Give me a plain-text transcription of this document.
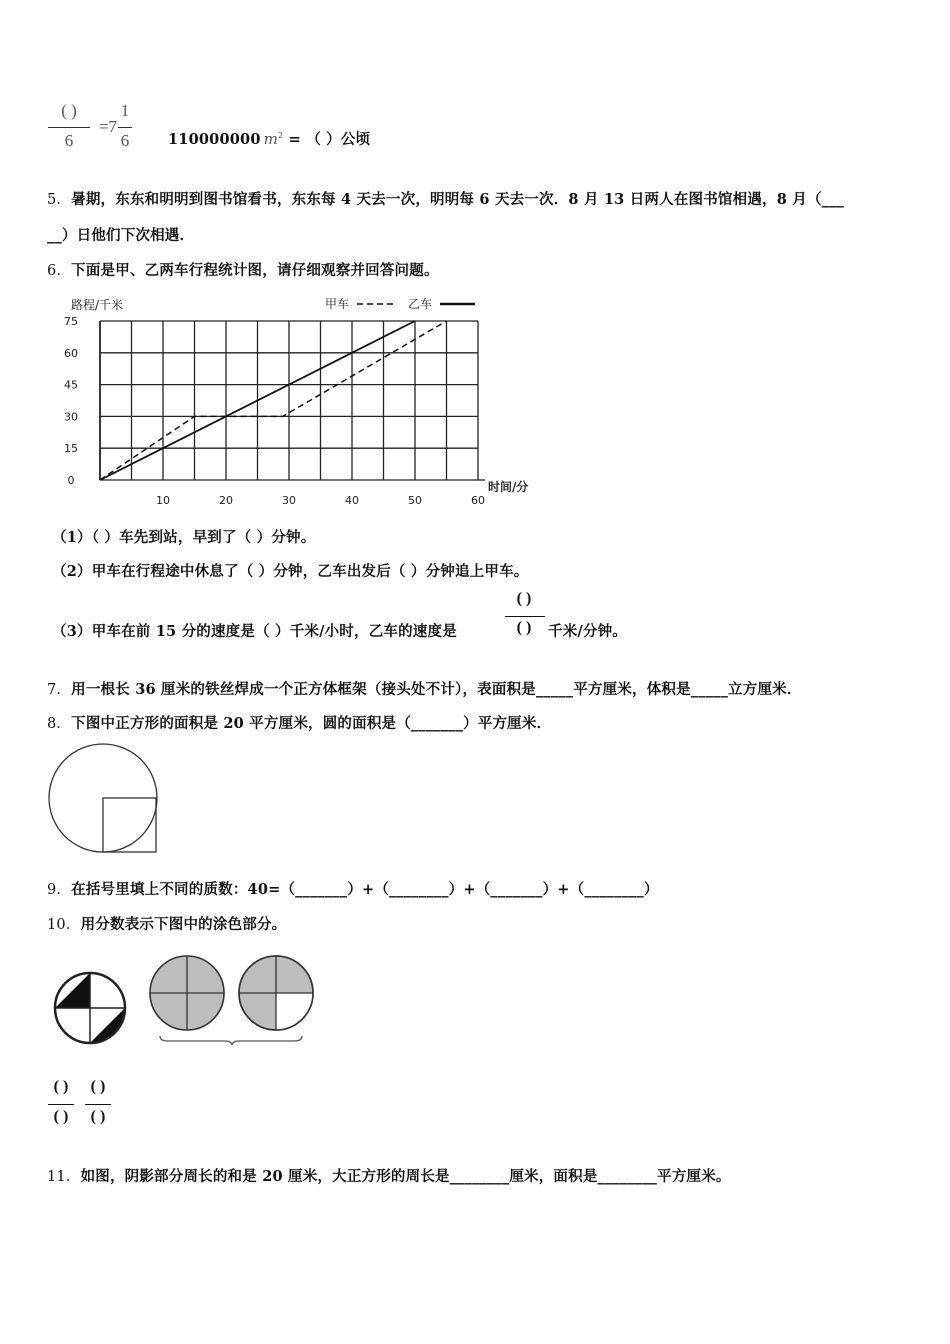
( )
6
=7
1
6	110000000 $m^2$ = （ ）公顷
5．暑期，东东和明明到图书馆看书，东东每 4 天去一次，明明每 6 天去一次．8 月 13 日两人在图书馆相遇，8 月（___
__）日他们下次相遇．
6．下面是甲、乙两车行程统计图，请仔细观察并回答问题。
0
15
30
45
60
75
10	20	30	40	50	60
路程/千米
时间/分
甲车	乙车
（1）（ ）车先到站，早到了（ ）分钟。
（2）甲车在行程途中休息了（ ）分钟，乙车出发后（ ）分钟追上甲车。
（3）甲车在前 15 分的速度是（ ）千米/小时，乙车的速度是
( )
( )	千米/分钟。
7．用一根长 36 厘米的铁丝焊成一个正方体框架（接头处不计），表面积是_____平方厘米，体积是_____立方厘米．
8．下图中正方形的面积是 20 平方厘米，圆的面积是（_______）平方厘米．
9．在括号里填上不同的质数：40=（_______）+（________）+（_______）+（________）
10．用分数表示下图中的涂色部分。
( )
( )
( )
( )
11．如图，阴影部分周长的和是 20 厘米，大正方形的周长是________厘米，面积是________平方厘米。
